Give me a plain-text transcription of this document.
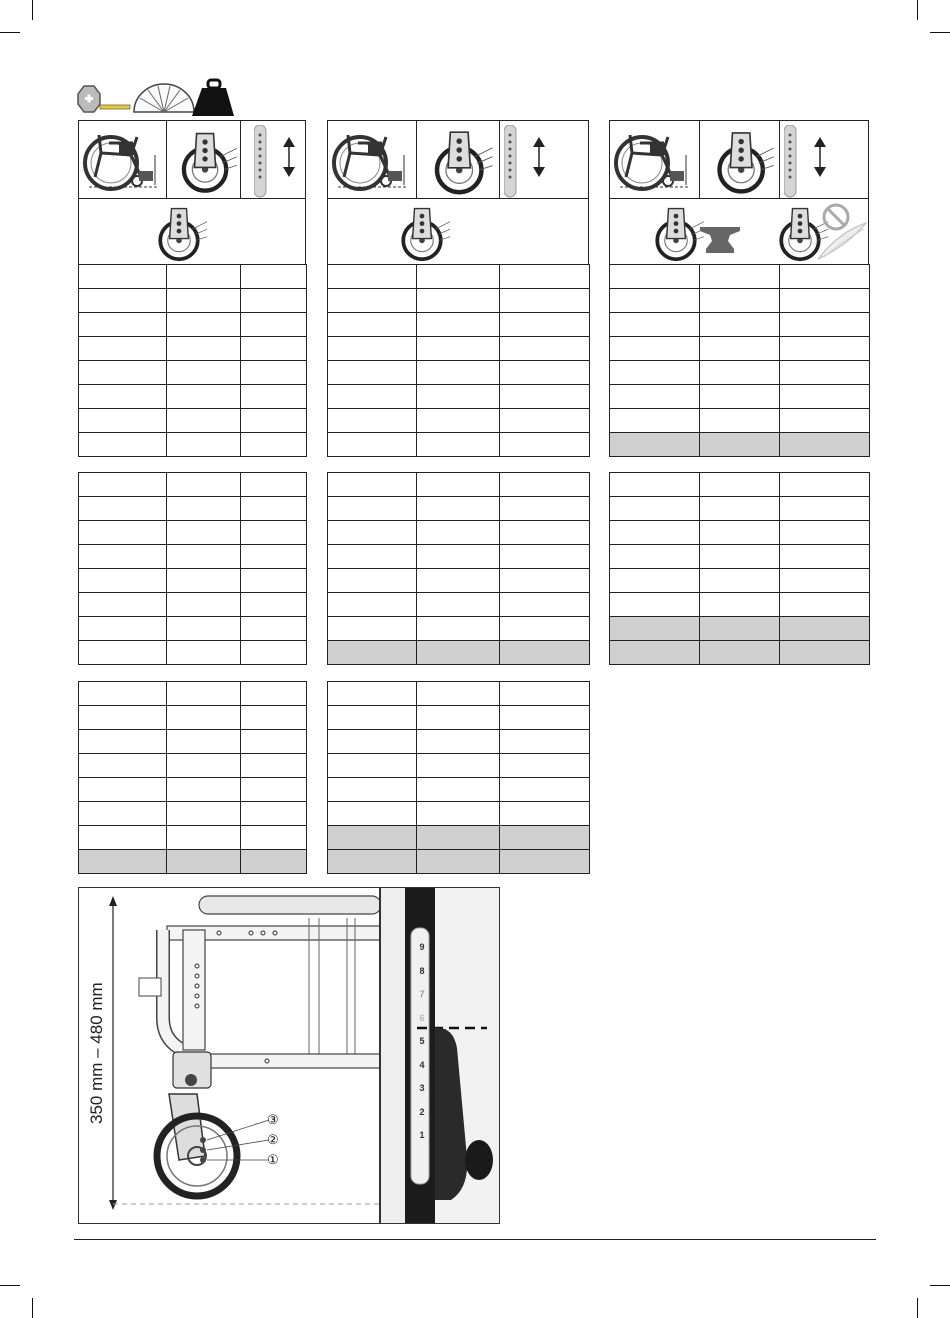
③
②
①
350 mm – 480 mm
9
8
7
6
5
4
3
2
1
